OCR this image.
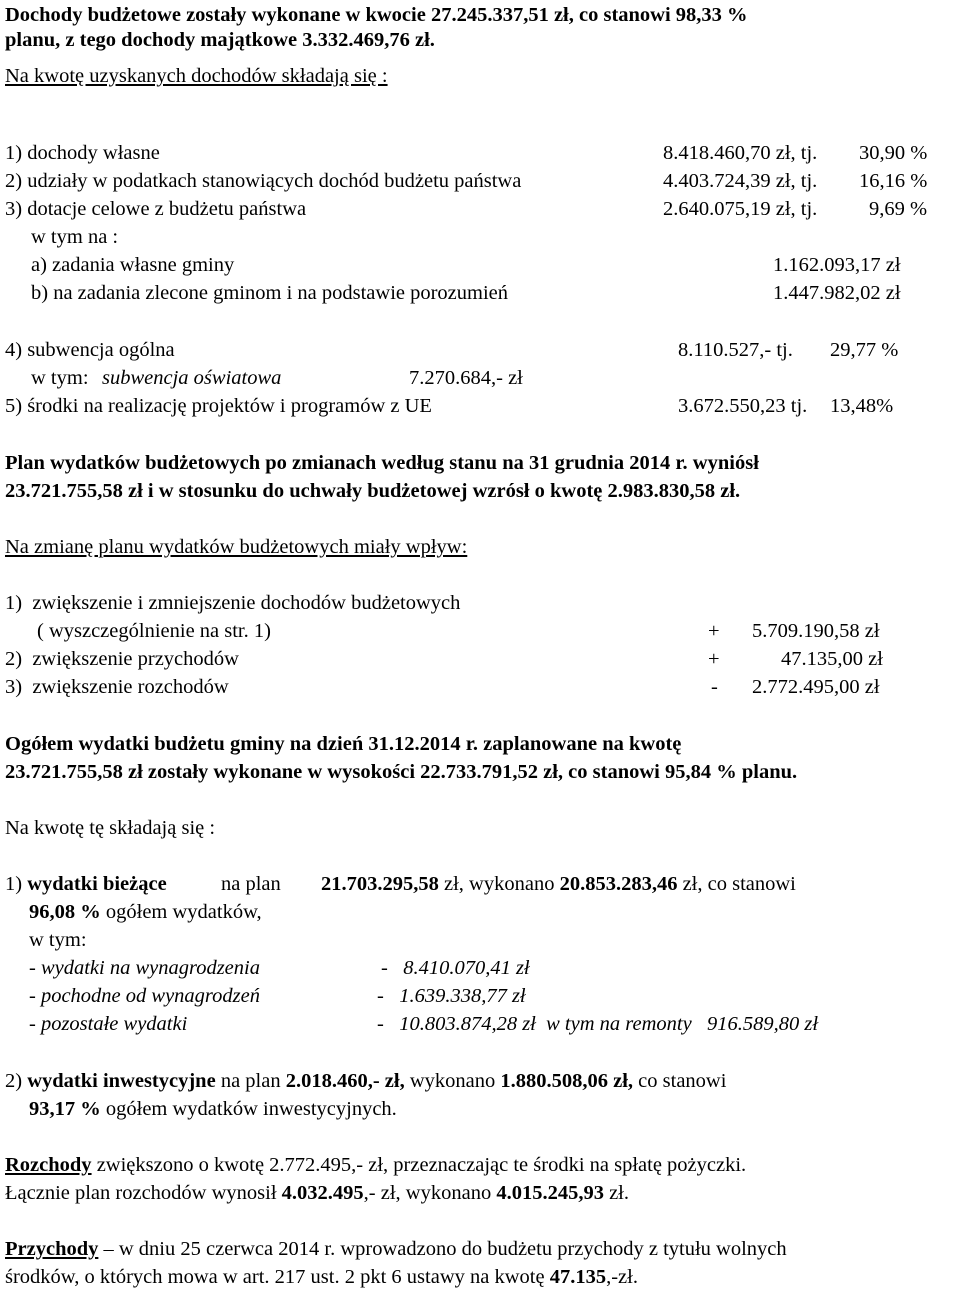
Dochody budżetowe zostały wykonane w kwocie 27.245.337,51 zł, co stanowi 98,33 %
planu, z tego dochody majątkowe 3.332.469,76 zł.
Na kwotę uzyskanych dochodów składają się :
1) dochody własne	8.418.460,70 zł, tj. 30,90 %
2) udziały w podatkach stanowiących dochód budżetu państwa	4.403.724,39 zł, tj. 16,16 %
3) dotacje celowe z budżetu państwa	2.640.075,19 zł, tj.	9,69 %
w tym na :
a) zadania własne gminy	1.162.093,17 zł
b) na zadania zlecone gminom i na podstawie porozumień	1.447.982,02 zł
4) subwencja ogólna	8.110.527,- tj. 29,77 %
w tym: subwencja oświatowa	7.270.684,- zł
5) środki na realizację projektów i programów z UE	3.672.550,23 tj. 13,48%
Plan wydatków budżetowych po zmianach według stanu na 31 grudnia 2014 r. wyniósł
23.721.755,58 zł i w stosunku do uchwały budżetowej wzrósł o kwotę 2.983.830,58 zł.
Na zmianę planu wydatków budżetowych miały wpływ:
1)  zwiększenie i zmniejszenie dochodów budżetowych
( wyszczególnienie na str. 1)	+ 5.709.190,58 zł
2)  zwiększenie przychodów	+	47.135,00 zł
3)  zwiększenie rozchodów	- 2.772.495,00 zł
Ogółem wydatki budżetu gminy na dzień 31.12.2014 r. zaplanowane na kwotę
23.721.755,58 zł zostały wykonane w wysokości 22.733.791,52 zł, co stanowi 95,84 % planu.
Na kwotę tę składają się :
1) wydatki bieżące	na plan 21.703.295,58 zł, wykonano 20.853.283,46 zł, co stanowi
96,08 % ogółem wydatków,
w tym:
- wydatki na wynagrodzenia	-   8.410.070,41 zł
- pochodne od wynagrodzeń	-   1.639.338,77 zł
- pozostałe wydatki	-   10.803.874,28 zł  w tym na remonty   916.589,80 zł
2) wydatki inwestycyjne na plan 2.018.460,- zł, wykonano 1.880.508,06 zł, co stanowi
93,17 % ogółem wydatków inwestycyjnych.
Rozchody zwiększono o kwotę 2.772.495,- zł, przeznaczając te środki na spłatę pożyczki.
Łącznie plan rozchodów wynosił 4.032.495,- zł, wykonano 4.015.245,93 zł.
Przychody – w dniu 25 czerwca 2014 r. wprowadzono do budżetu przychody z tytułu wolnych
środków, o których mowa w art. 217 ust. 2 pkt 6 ustawy na kwotę 47.135,-zł.
